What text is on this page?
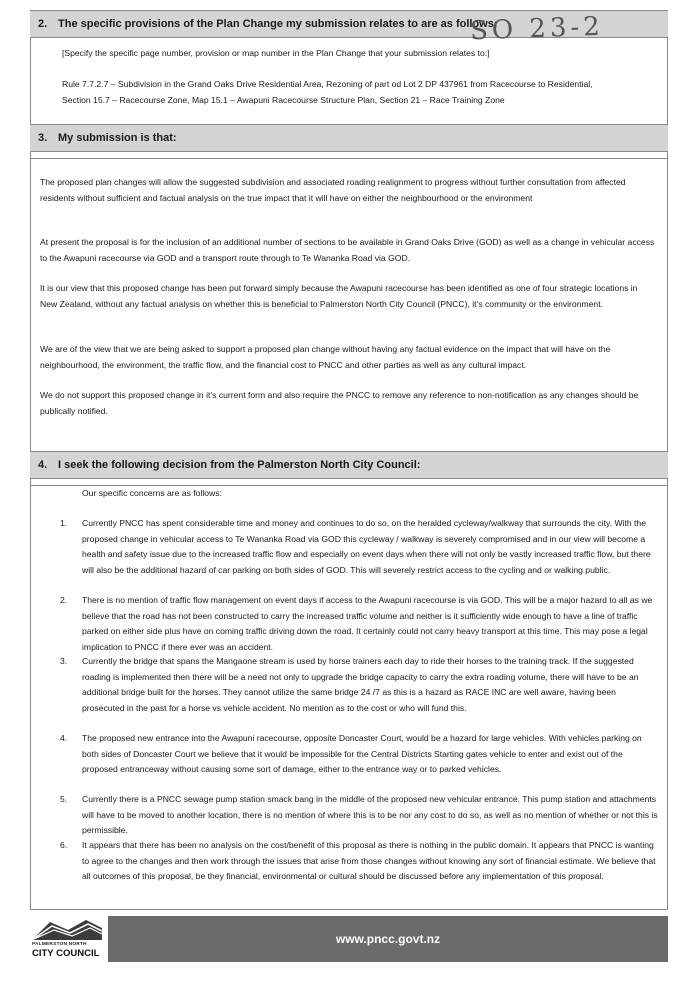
2. The specific provisions of the Plan Change my submission relates to are as follows:
SO 23-2
[Specify the specific page number, provision or map number in the Plan Change that your submission relates to:]
Rule 7.7.2.7 – Subdivision in the Grand Oaks Drive Residential Area, Rezoning of part od Lot 2 DP 437961 from Racecourse to Residential,
Section 15.7 – Racecourse Zone, Map 15.1 – Awapuni Racecourse Structure Plan, Section 21 – Race Training Zone
3. My submission is that:
The proposed plan changes will allow the suggested subdivision and associated roading realignment to progress without further consultation from affected residents without sufficient and factual analysis on the true impact that it will have on either the neighbourhood or the environment
At present the proposal is for the inclusion of an additional number of sections to be available in Grand Oaks Drive (GOD) as well as a change in vehicular access to the Awapuni racecourse via GOD and a transport route through to Te Wananka Road via GOD.
It is our view that this proposed change has been put forward simply because the Awapuni racecourse has been identified as one of four strategic locations in New Zealand, without any factual analysis on whether this is beneficial to Palmerston North City Council (PNCC), it’s community or the environment.
We are of the view that we are being asked to support a proposed plan change without having any factual evidence on the impact that will have on the neighbourhood, the environment, the traffic flow, and the financial cost to PNCC and other parties as well as any cultural impact.
We do not support this proposed change in it’s current form and also require the PNCC to remove any reference to non-notification as any changes should be publically notified.
4. I seek the following decision from the Palmerston North City Council:
Our specific concerns are as follows:
1.	Currently PNCC has spent considerable time and money and continues to do so, on the heralded cycleway/walkway that surrounds the city. With the proposed change in vehicular access to Te Wananka Road via GOD this cycleway / walkway is severely compromised and in our view will become a health and safety issue due to the increased traffic flow and especially on event days when there will not only be vastly increased traffic flow, but there will also be the additional hazard of car parking on both sides of GOD. This will severely restrict access to the cycling and or walking public.
2.	There is no mention of traffic flow management on event days if access to the Awapuni racecourse is via GOD. This will be a major hazard to all as we believe that the road has not been constructed to carry the increased traffic volume and neither is it sufficiently wide enough to have a line of traffic parked on either side plus have on coming traffic driving down the road. It certainly could not carry heavy transport at this time. This may pose a legal implication to PNCC if there ever was an accident.
3.	Currently the bridge that spans the Mangaone stream is used by horse trainers each day to ride their horses to the training track. If the suggested roading is implemented then there will be a need not only to upgrade the bridge capacity to carry the extra roading volume, there will have to be an additional bridge built for the horses. They cannot utilize the same bridge 24 /7 as this is a hazard as RACE INC are well aware, having been prosecuted in the past for a horse vs vehicle accident. No mention as to the cost or who will fund this.
4.	The proposed new entrance into the Awapuni racecourse, opposite Doncaster Court, would be a hazard for large vehicles. With vehicles parking on both sides of Doncaster Court we believe that it would be impossible for the Central Districts Starting gates vehicle to enter and exist out of the proposed entranceway without causing some sort of damage, either to the entrance way or to parked vehicles.
5.	Currently there is a PNCC sewage pump station smack bang in the middle of the proposed new vehicular entrance. This pump station and attachments will have to be moved to another location, there is no mention of where this is to be nor any cost to do so, as well as no mention of whether or not this is permissible.
6.	It appears that there has been no analysis on the cost/benefit of this proposal as there is nothing in the public domain. It appears that PNCC is wanting to agree to the changes and then work through the issues that arise from those changes without knowing any sort of financial estimate. We believe that all outcomes of this proposal, be they financial, environmental or cultural should be discussed before any implementation of this proposal.
PALMERSTON NORTH
CITY COUNCIL
www.pncc.govt.nz
